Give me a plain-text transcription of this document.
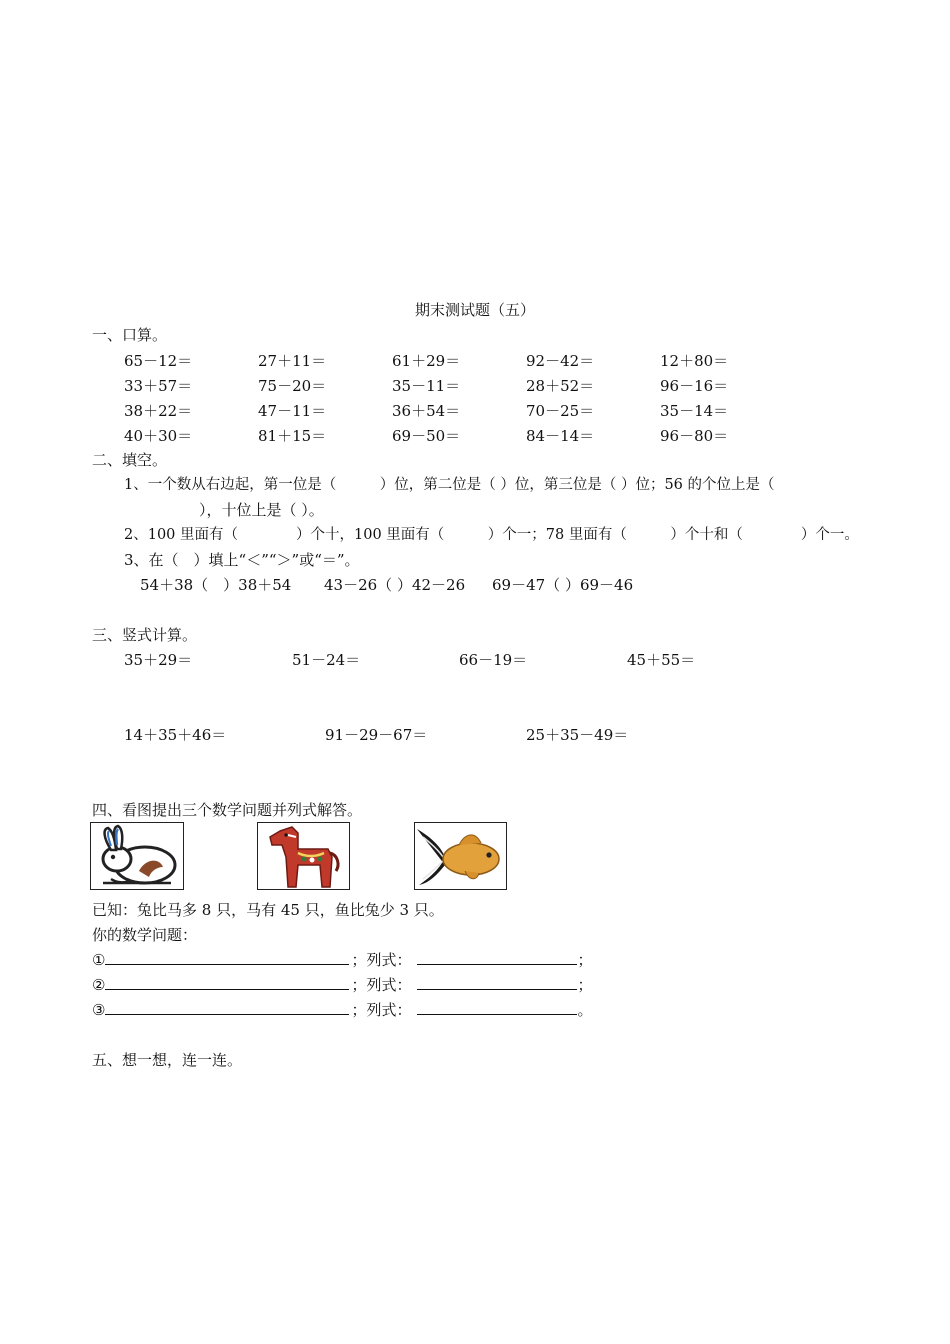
期末测试题（五）
一、口算。
65－12＝	27＋11＝	61＋29＝	92－42＝	12＋80＝
33＋57＝	75－20＝	35－11＝	28＋52＝	96－16＝
38＋22＝	47－11＝	36＋54＝	70－25＝	35－14＝
40＋30＝	81＋15＝	69－50＝	84－14＝	96－80＝
二、填空。
1、一个数从右边起，第一位是（　　　）位，第二位是（ ）位，第三位是（ ）位；56 的个位上是（
　　　　　），十位上是（ ）。
2、100 里面有（　　　　）个十，100 里面有（　　　）个一；78 里面有（　　　）个十和（　　　　）个一。
3、在（　）填上“＜”“＞”或“＝”。
54＋38（　）38＋54 43－26（ ）42－26 69－47（ ）69－46
三、竖式计算。
35＋29＝	51－24＝	66－19＝	45＋55＝
14＋35＋46＝	91－29－67＝	25＋35－49＝
四、看图提出三个数学问题并列式解答。
已知：兔比马多 8 只，马有 45 只，鱼比兔少 3 只。
你的数学问题：
①	；列式：	；
②	；列式：	；
③	；列式：	。
五、想一想，连一连。
